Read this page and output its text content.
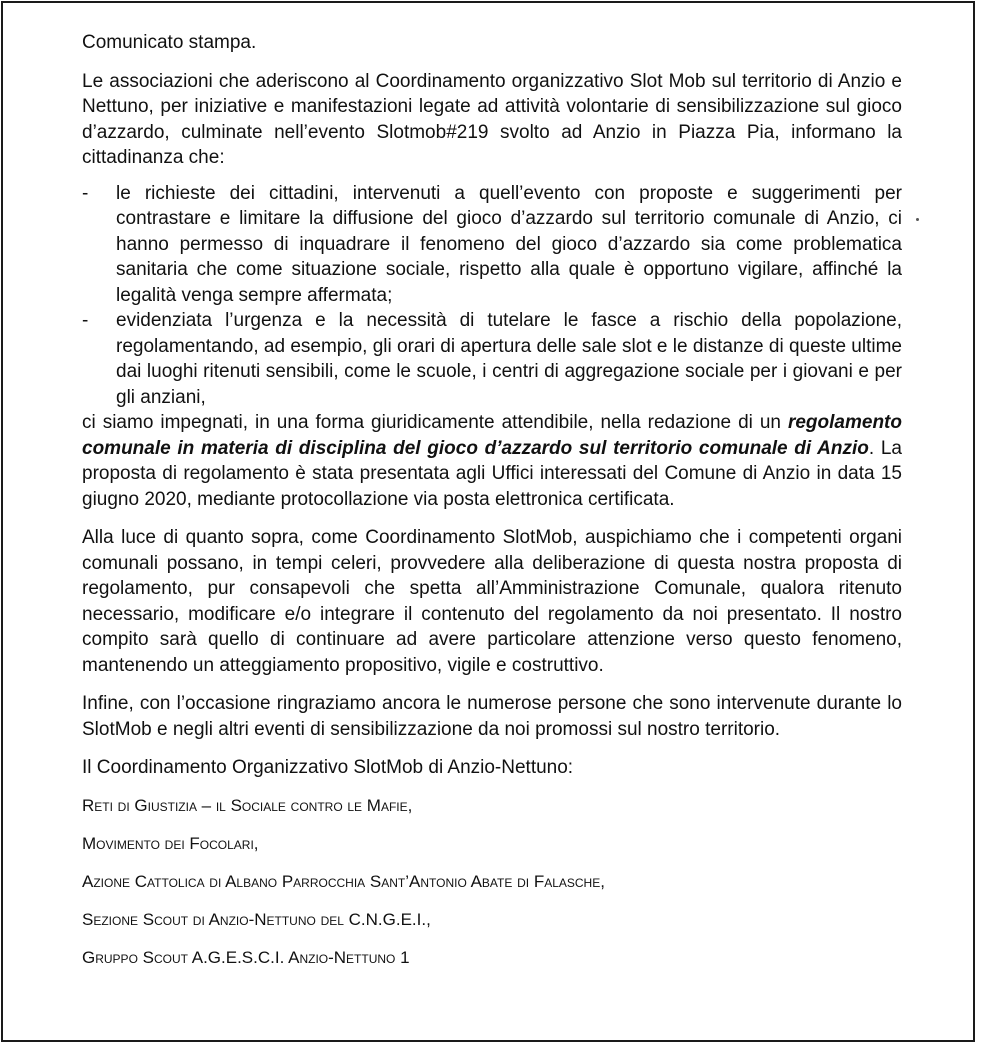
Comunicato stampa.

Le associazioni che aderiscono al Coordinamento organizzativo Slot Mob sul territorio di Anzio e Nettuno, per iniziative e manifestazioni legate ad attività volontarie di sensibilizzazione sul gioco d’azzardo, culminate nell’evento Slotmob#219 svolto ad Anzio in Piazza Pia, informano la cittadinanza che:

- le richieste dei cittadini, intervenuti a quell’evento con proposte e suggerimenti per contrastare e limitare la diffusione del gioco d’azzardo sul territorio comunale di Anzio, ci hanno permesso di inquadrare il fenomeno del gioco d’azzardo sia come problematica sanitaria che come situazione sociale, rispetto alla quale è opportuno vigilare, affinché la legalità venga sempre affermata;
- evidenziata l’urgenza e la necessità di tutelare le fasce a rischio della popolazione, regolamentando, ad esempio, gli orari di apertura delle sale slot e le distanze di queste ultime dai luoghi ritenuti sensibili, come le scuole, i centri di aggregazione sociale per i giovani e per gli anziani,

ci siamo impegnati, in una forma giuridicamente attendibile, nella redazione di un regolamento comunale in materia di disciplina del gioco d’azzardo sul territorio comunale di Anzio. La proposta di regolamento è stata presentata agli Uffici interessati del Comune di Anzio in data 15 giugno 2020, mediante protocollazione via posta elettronica certificata.

Alla luce di quanto sopra, come Coordinamento SlotMob, auspichiamo che i competenti organi comunali possano, in tempi celeri, provvedere alla deliberazione di questa nostra proposta di regolamento, pur consapevoli che spetta all’Amministrazione Comunale, qualora ritenuto necessario, modificare e/o integrare il contenuto del regolamento da noi presentato. Il nostro compito sarà quello di continuare ad avere particolare attenzione verso questo fenomeno, mantenendo un atteggiamento propositivo, vigile e costruttivo.

Infine, con l’occasione ringraziamo ancora le numerose persone che sono intervenute durante lo SlotMob e negli altri eventi di sensibilizzazione da noi promossi sul nostro territorio.

Il Coordinamento Organizzativo SlotMob di Anzio-Nettuno:

Reti di Giustizia – il Sociale contro le Mafie,

Movimento dei Focolari,

Azione Cattolica di Albano Parrocchia Sant’Antonio Abate di Falasche,

Sezione Scout di Anzio-Nettuno del C.N.G.E.I.,

Gruppo Scout A.G.E.S.C.I. Anzio-Nettuno 1
